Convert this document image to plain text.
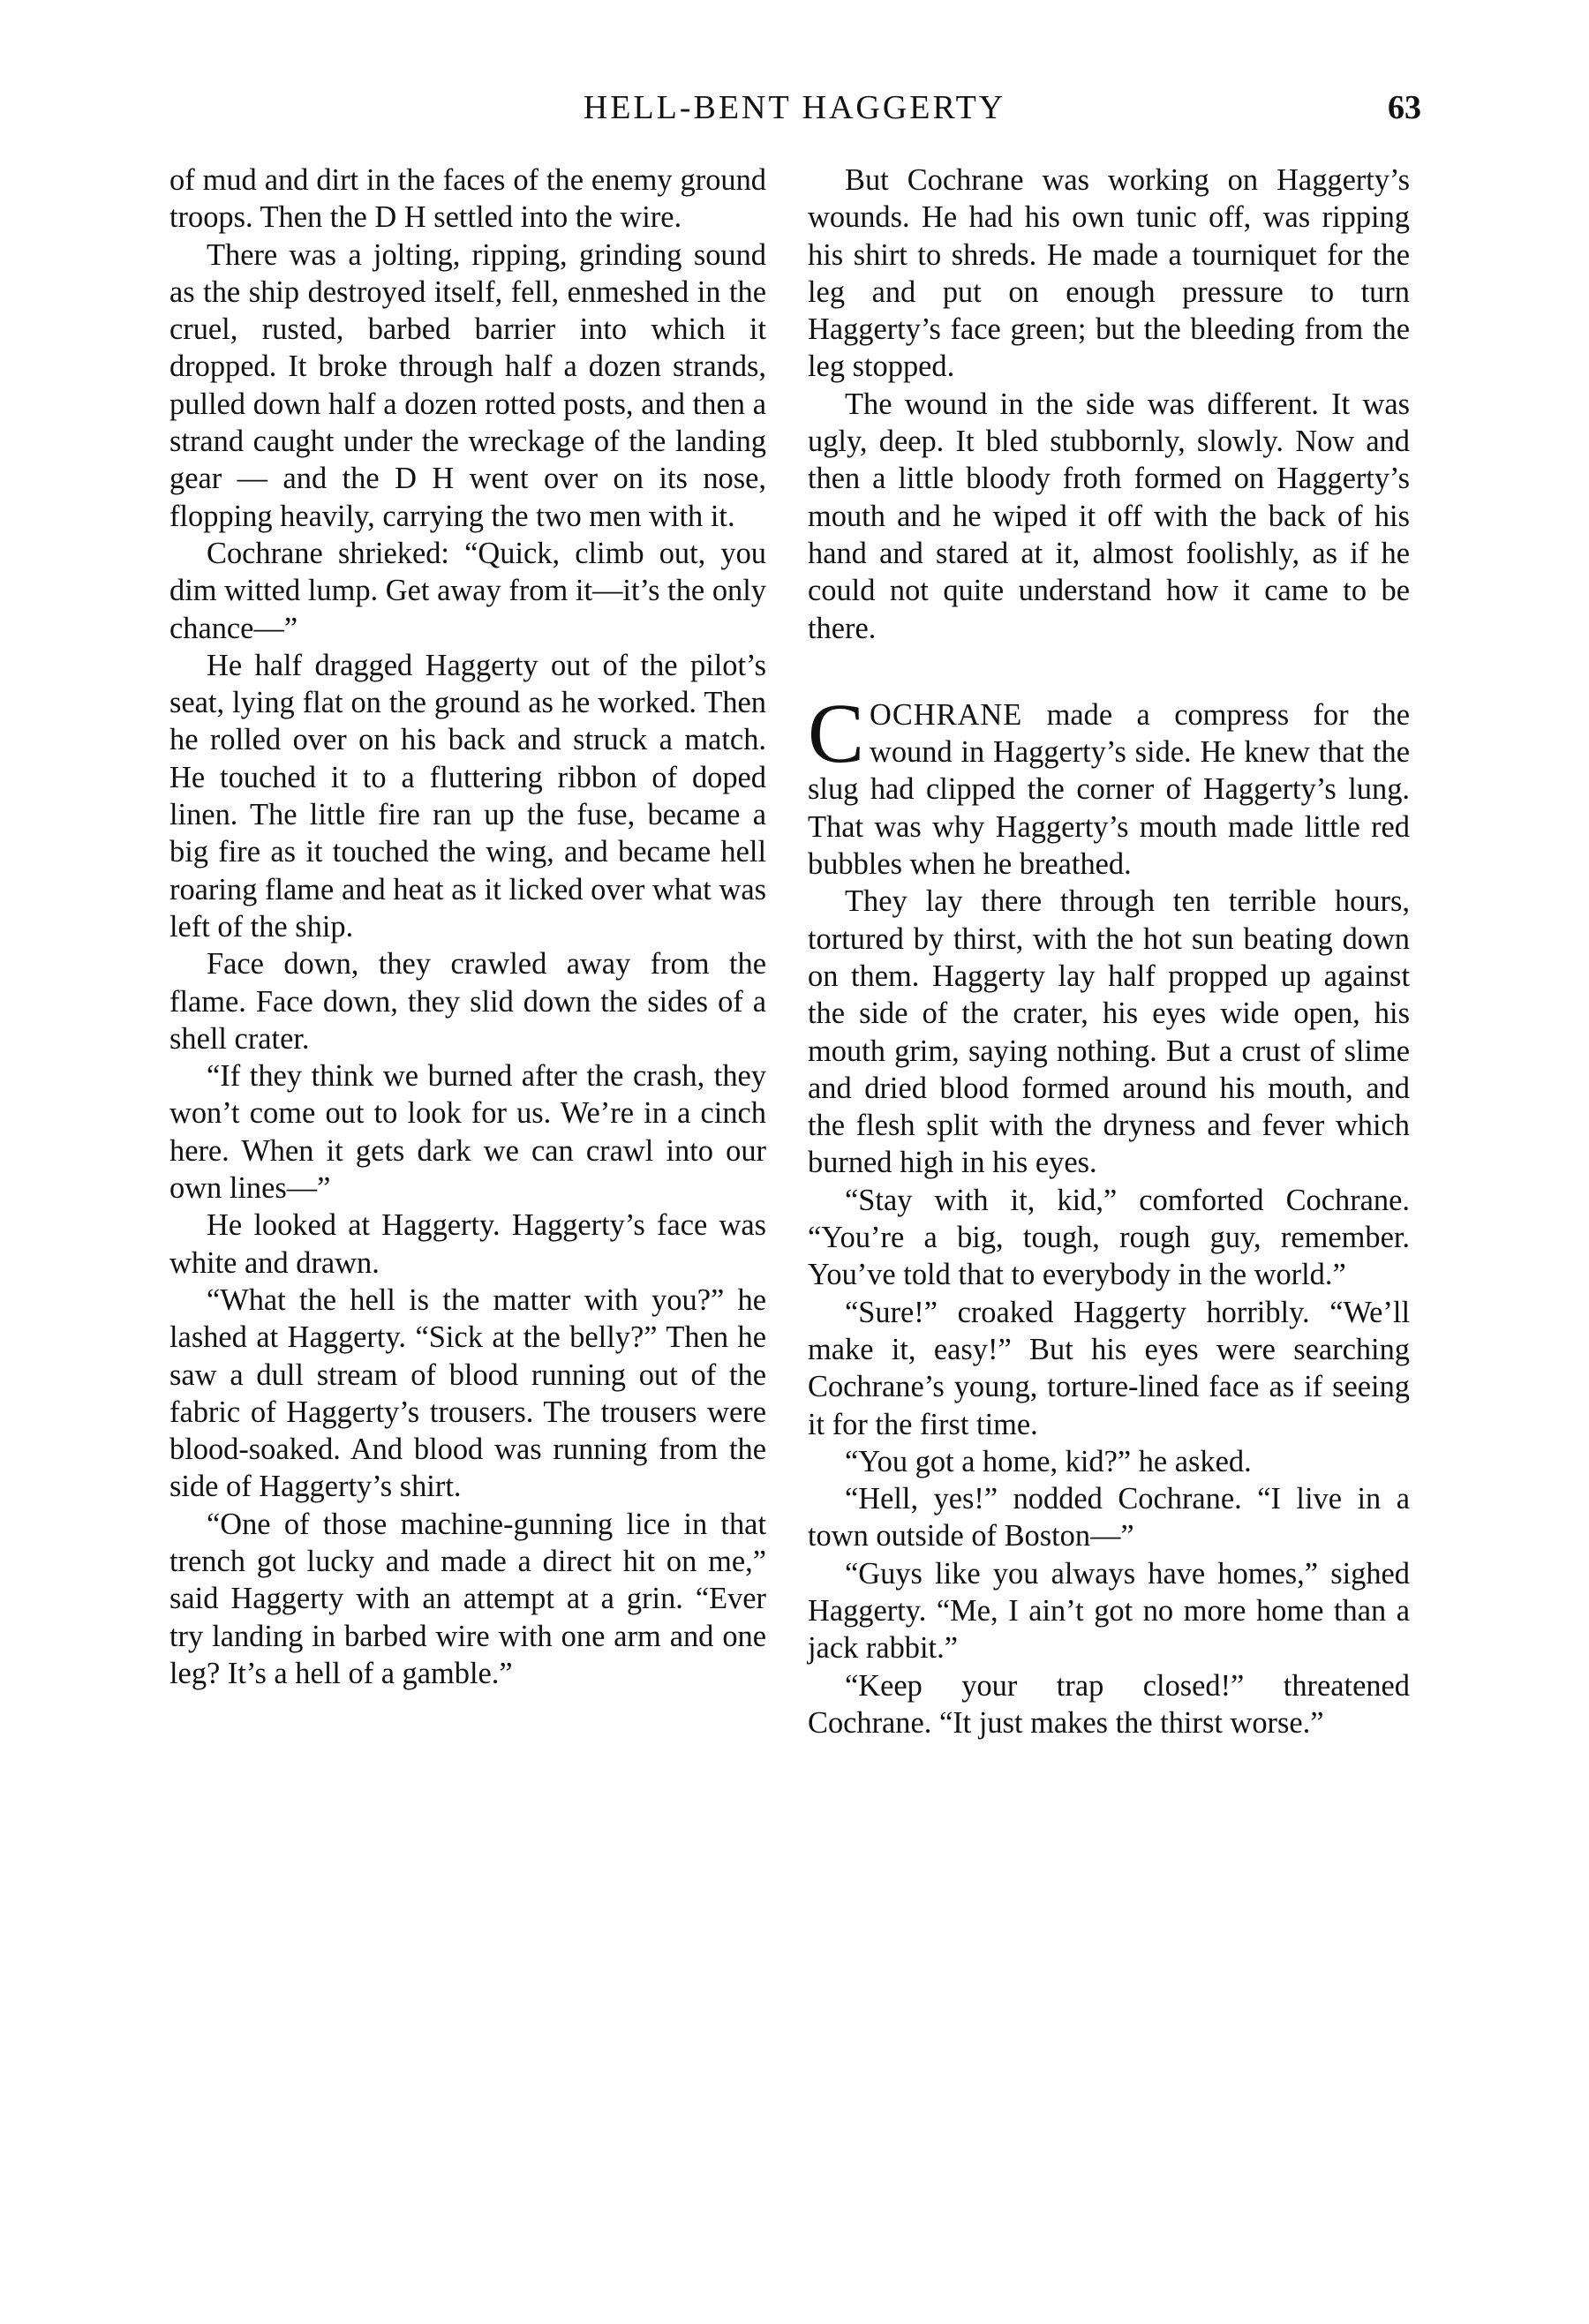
HELL-BENT HAGGERTY	63

of mud and dirt in the faces of the enemy ground troops. Then the D H settled into the wire.

There was a jolting, ripping, grinding sound as the ship destroyed itself, fell, enmeshed in the cruel, rusted, barbed barrier into which it dropped. It broke through half a dozen strands, pulled down half a dozen rotted posts, and then a strand caught under the wreckage of the landing gear — and the D H went over on its nose, flopping heavily, carrying the two men with it.

Cochrane shrieked: “Quick, climb out, you dim witted lump. Get away from it—it’s the only chance—”

He half dragged Haggerty out of the pilot’s seat, lying flat on the ground as he worked. Then he rolled over on his back and struck a match. He touched it to a fluttering ribbon of doped linen. The little fire ran up the fuse, became a big fire as it touched the wing, and became hell roaring flame and heat as it licked over what was left of the ship.

Face down, they crawled away from the flame. Face down, they slid down the sides of a shell crater.

“If they think we burned after the crash, they won’t come out to look for us. We’re in a cinch here. When it gets dark we can crawl into our own lines—”

He looked at Haggerty. Haggerty’s face was white and drawn.

“What the hell is the matter with you?” he lashed at Haggerty. “Sick at the belly?” Then he saw a dull stream of blood running out of the fabric of Haggerty’s trousers. The trousers were blood-soaked. And blood was running from the side of Haggerty’s shirt.

“One of those machine-gunning lice in that trench got lucky and made a direct hit on me,” said Haggerty with an attempt at a grin. “Ever try landing in barbed wire with one arm and one leg? It’s a hell of a gamble.”

But Cochrane was working on Haggerty’s wounds. He had his own tunic off, was ripping his shirt to shreds. He made a tourniquet for the leg and put on enough pressure to turn Haggerty’s face green; but the bleeding from the leg stopped.

The wound in the side was different. It was ugly, deep. It bled stubbornly, slowly. Now and then a little bloody froth formed on Haggerty’s mouth and he wiped it off with the back of his hand and stared at it, almost foolishly, as if he could not quite understand how it came to be there.

COCHRANE made a compress for the wound in Haggerty’s side. He knew that the slug had clipped the corner of Haggerty’s lung. That was why Haggerty’s mouth made little red bubbles when he breathed.

They lay there through ten terrible hours, tortured by thirst, with the hot sun beating down on them. Haggerty lay half propped up against the side of the crater, his eyes wide open, his mouth grim, saying nothing. But a crust of slime and dried blood formed around his mouth, and the flesh split with the dryness and fever which burned high in his eyes.

“Stay with it, kid,” comforted Cochrane. “You’re a big, tough, rough guy, remember. You’ve told that to everybody in the world.”

“Sure!” croaked Haggerty horribly. “We’ll make it, easy!” But his eyes were searching Cochrane’s young, torture-lined face as if seeing it for the first time.

“You got a home, kid?” he asked.

“Hell, yes!” nodded Cochrane. “I live in a town outside of Boston—”

“Guys like you always have homes,” sighed Haggerty. “Me, I ain’t got no more home than a jack rabbit.”

“Keep your trap closed!” threatened Cochrane. “It just makes the thirst worse.”
